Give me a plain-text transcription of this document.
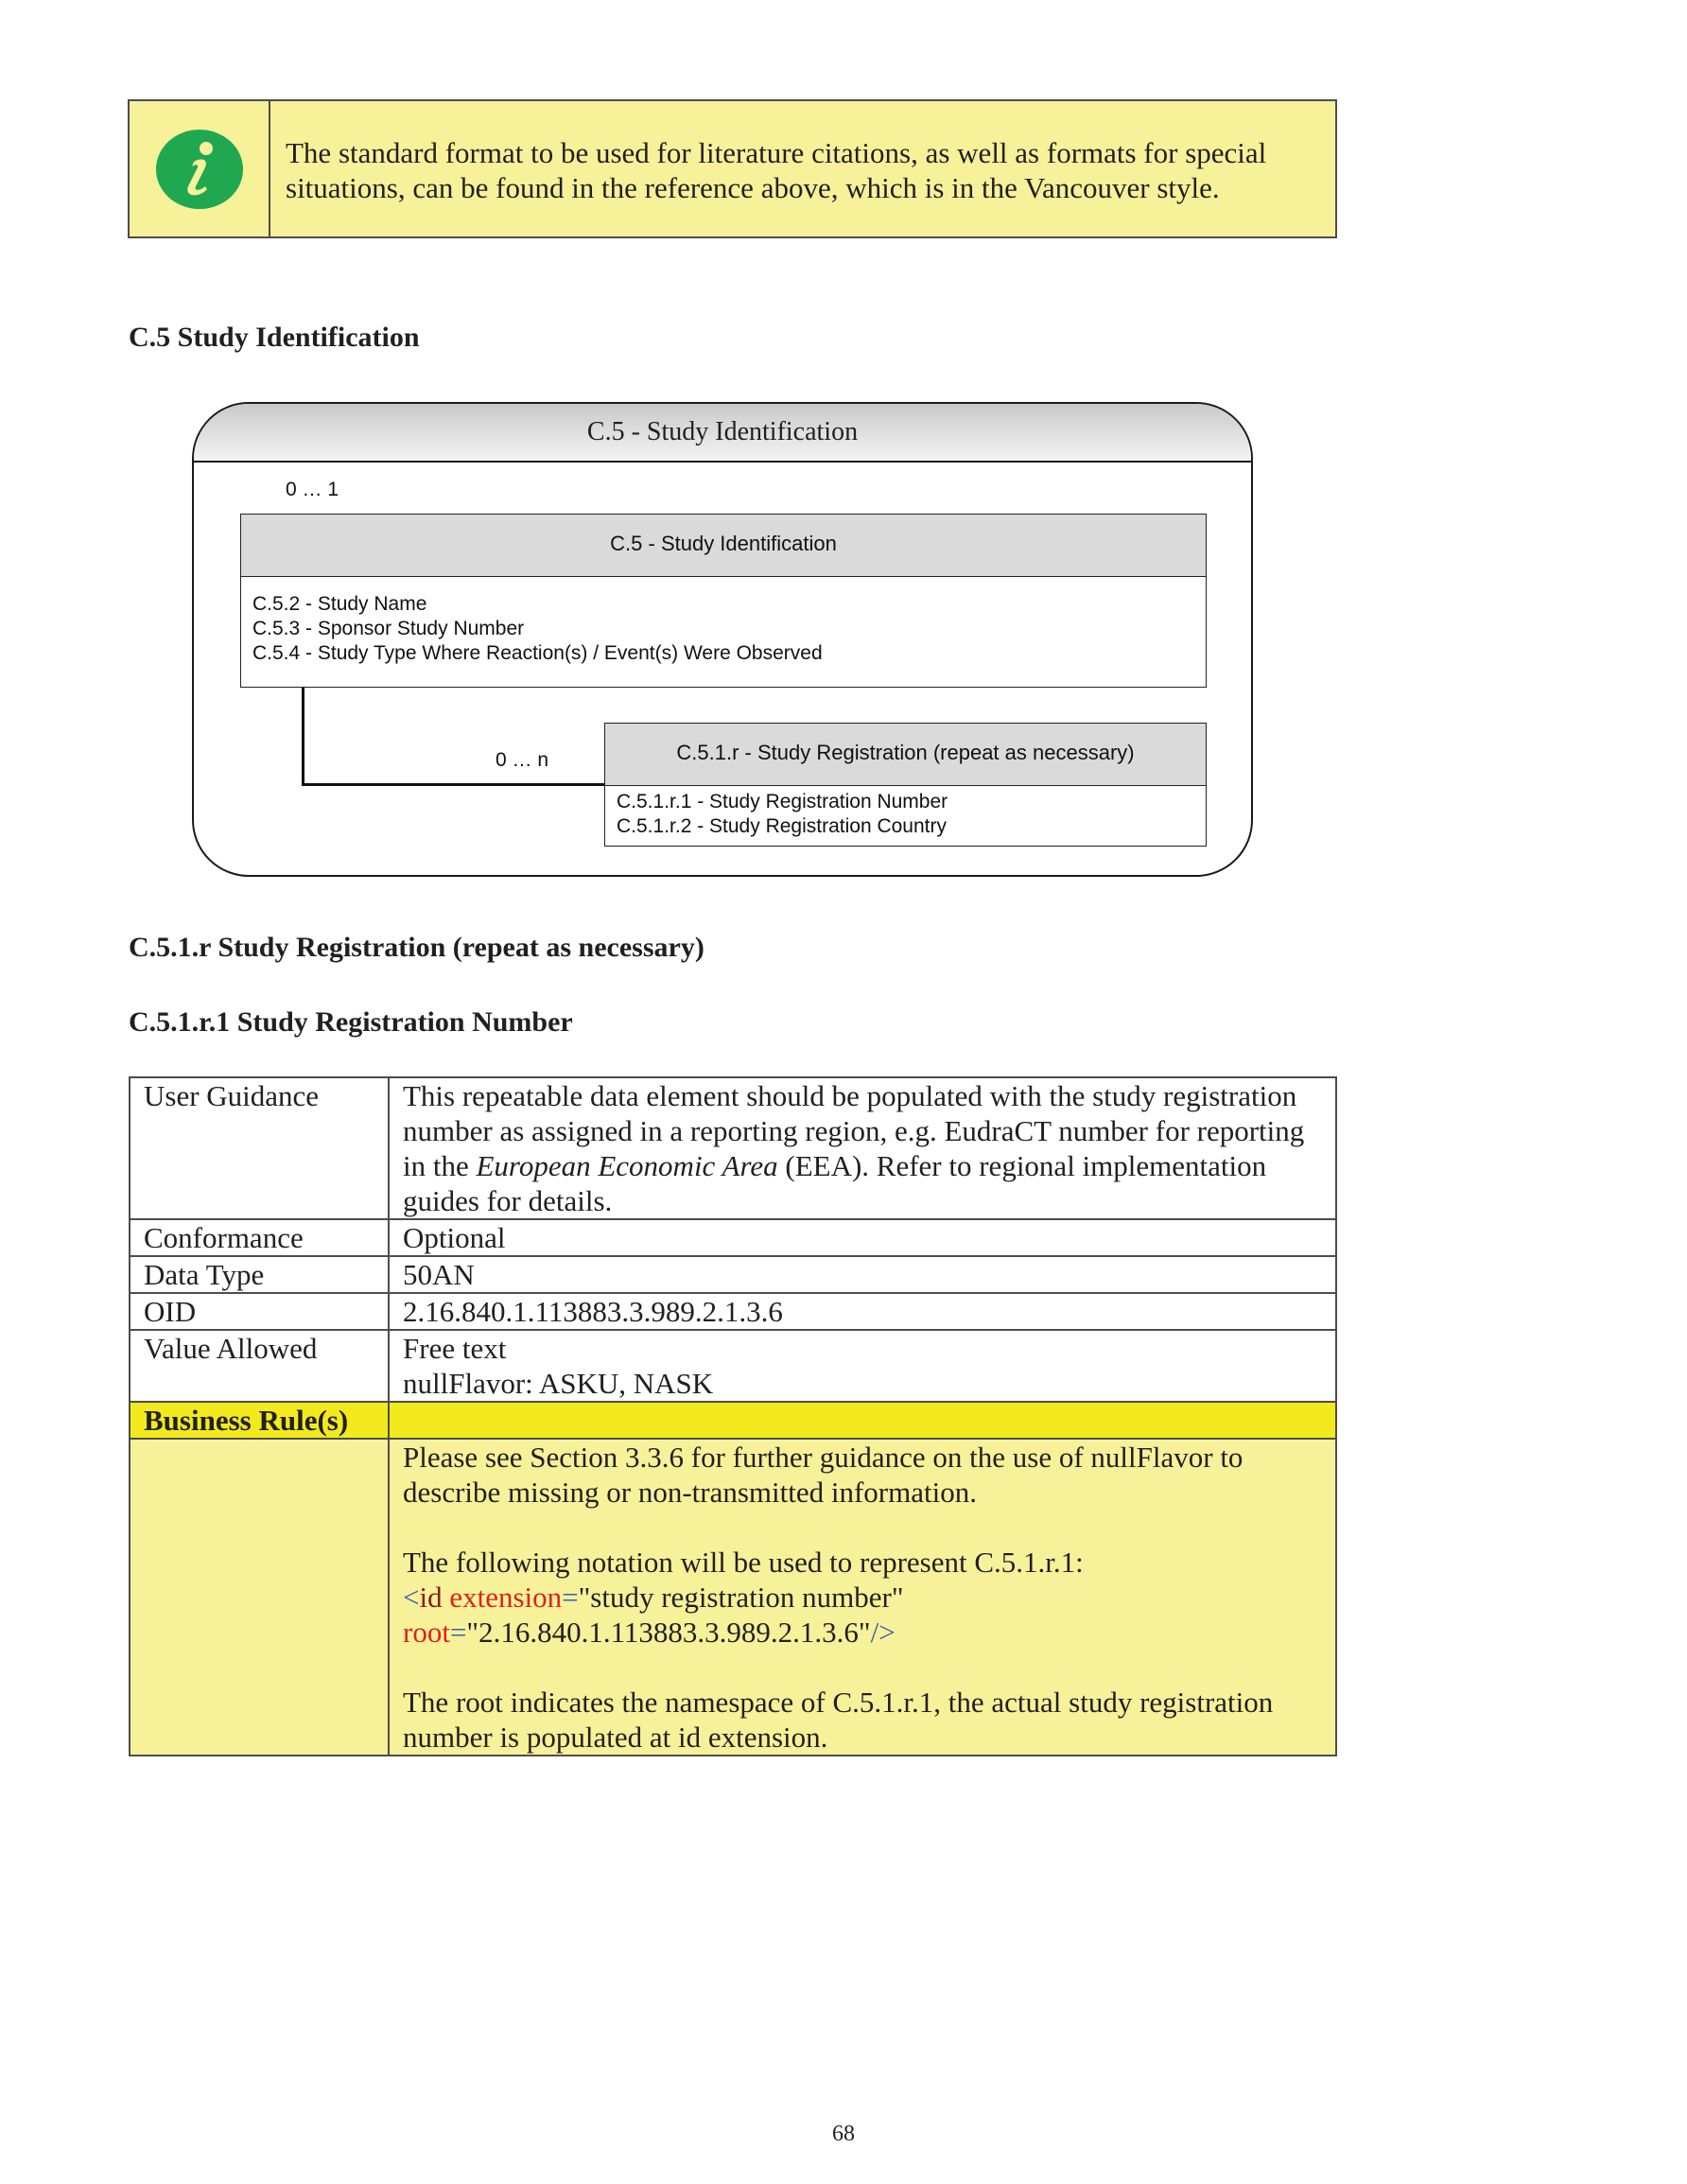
The standard format to be used for literature citations, as well as formats for special
situations, can be found in the reference above, which is in the Vancouver style.
C.5 Study Identification
C.5 - Study Identification
0 … 1
C.5 - Study Identification
C.5.2 - Study Name
C.5.3 - Sponsor Study Number
C.5.4 - Study Type Where Reaction(s) / Event(s) Were Observed
0 … n	C.5.1.r - Study Registration (repeat as necessary)
C.5.1.r.1 - Study Registration Number
C.5.1.r.2 - Study Registration Country
C.5.1.r Study Registration (repeat as necessary)
C.5.1.r.1 Study Registration Number
User Guidance	This repeatable data element should be populated with the study registration number as assigned in a reporting region, e.g. EudraCT number for reporting in the European Economic Area (EEA). Refer to regional implementation guides for details.
Conformance	Optional
Data Type	50AN
OID	2.16.840.1.113883.3.989.2.1.3.6
Value Allowed	Free text
nullFlavor: ASKU, NASK

Business Rule(s)	

	Please see Section 3.3.6 for further guidance on the use of nullFlavor to describe missing or non-transmitted information.
The following notation will be used to represent C.5.1.r.1:
<id extension="study registration number"
root="2.16.840.1.113883.3.989.2.1.3.6"/>
The root indicates the namespace of C.5.1.r.1, the actual study registration number is populated at id extension.
68
